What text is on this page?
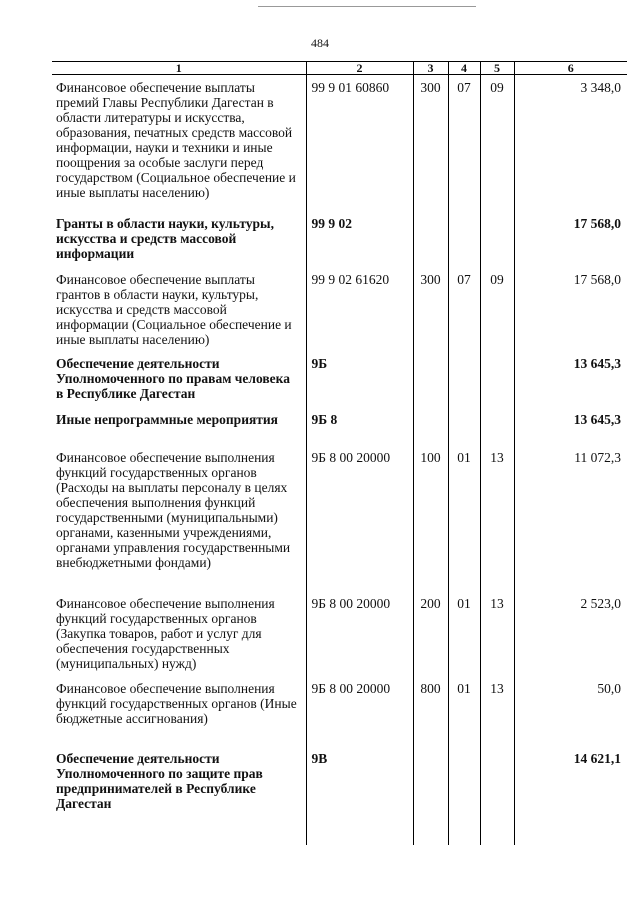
484
1	2	3	4	5	6
Финансовое обеспечение выплаты премий Главы Республики Дагестан в области литературы и искусства, образования, печатных средств массовой информации, науки и техники и иные поощрения за особые заслуги перед государством (Социальное обеспечение и иные выплаты населению)	99 9 01 60860	300	07	09	3 348,0
Гранты в области науки, культуры, искусства и средств массовой информации	99 9 02				17 568,0
Финансовое обеспечение выплаты грантов в области науки, культуры, искусства и средств массовой информации (Социальное обеспечение и иные выплаты населению)	99 9 02 61620	300	07	09	17 568,0
Обеспечение деятельности Уполномоченного по правам человека в Республике Дагестан	9Б				13 645,3
Иные непрограммные мероприятия	9Б 8				13 645,3
Финансовое обеспечение выполнения функций государственных органов (Расходы на выплаты персоналу в целях обеспечения выполнения функций государственными (муниципальными) органами, казенными учреждениями, органами управления государственными внебюджетными фондами)	9Б 8 00 20000	100	01	13	11 072,3
Финансовое обеспечение выполнения функций государственных органов (Закупка товаров, работ и услуг для обеспечения государственных (муниципальных) нужд)	9Б 8 00 20000	200	01	13	2 523,0
Финансовое обеспечение выполнения функций государственных органов (Иные бюджетные ассигнования)	9Б 8 00 20000	800	01	13	50,0
Обеспечение деятельности Уполномоченного по защите прав предпринимателей в Республике Дагестан	9В				14 621,1
